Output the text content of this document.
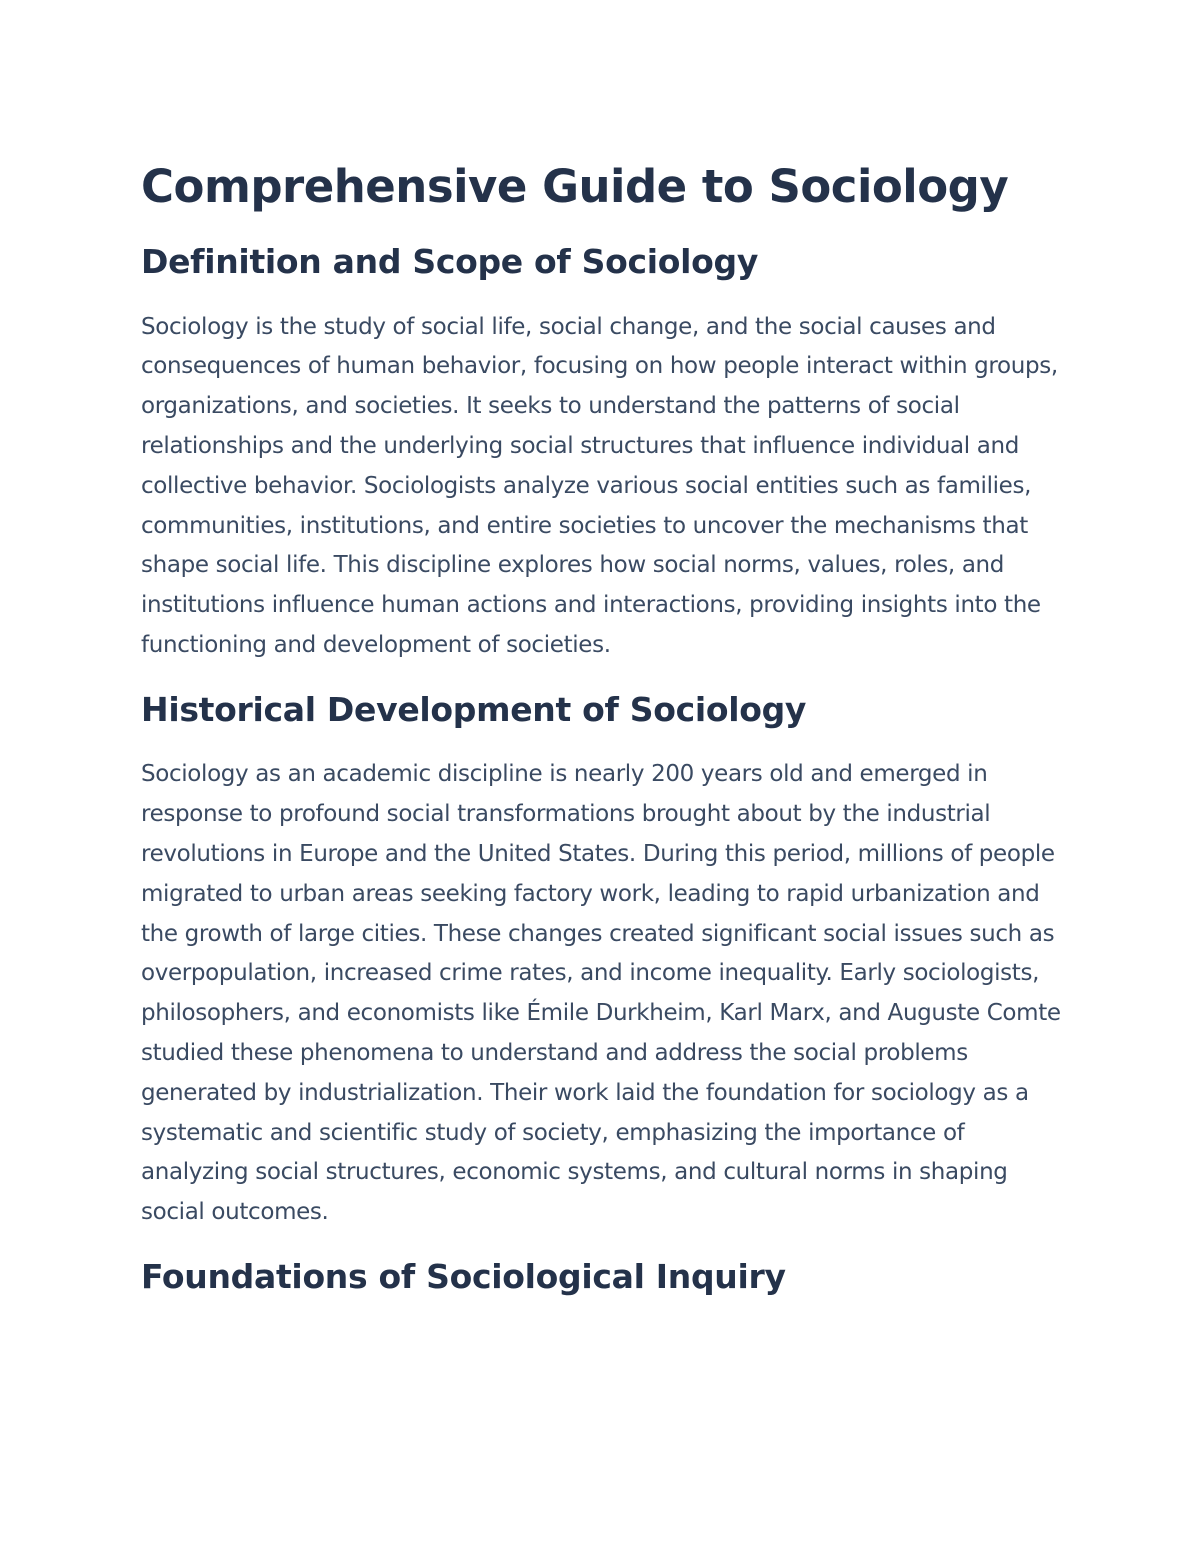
Comprehensive Guide to Sociology
Definition and Scope of Sociology

Sociology is the study of social life, social change, and the social causes and consequences of human behavior, focusing on how people interact within groups, organizations, and societies. It seeks to understand the patterns of social relationships and the underlying social structures that influence individual and collective behavior. Sociologists analyze various social entities such as families, communities, institutions, and entire societies to uncover the mechanisms that shape social life. This discipline explores how social norms, values, roles, and institutions influence human actions and interactions, providing insights into the functioning and development of societies.

Historical Development of Sociology

Sociology as an academic discipline is nearly 200 years old and emerged in response to profound social transformations brought about by the industrial revolutions in Europe and the United States. During this period, millions of people migrated to urban areas seeking factory work, leading to rapid urbanization and the growth of large cities. These changes created significant social issues such as overpopulation, increased crime rates, and income inequality. Early sociologists, philosophers, and economists like Émile Durkheim, Karl Marx, and Auguste Comte studied these phenomena to understand and address the social problems generated by industrialization. Their work laid the foundation for sociology as a systematic and scientific study of society, emphasizing the importance of analyzing social structures, economic systems, and cultural norms in shaping social outcomes.

Foundations of Sociological Inquiry
